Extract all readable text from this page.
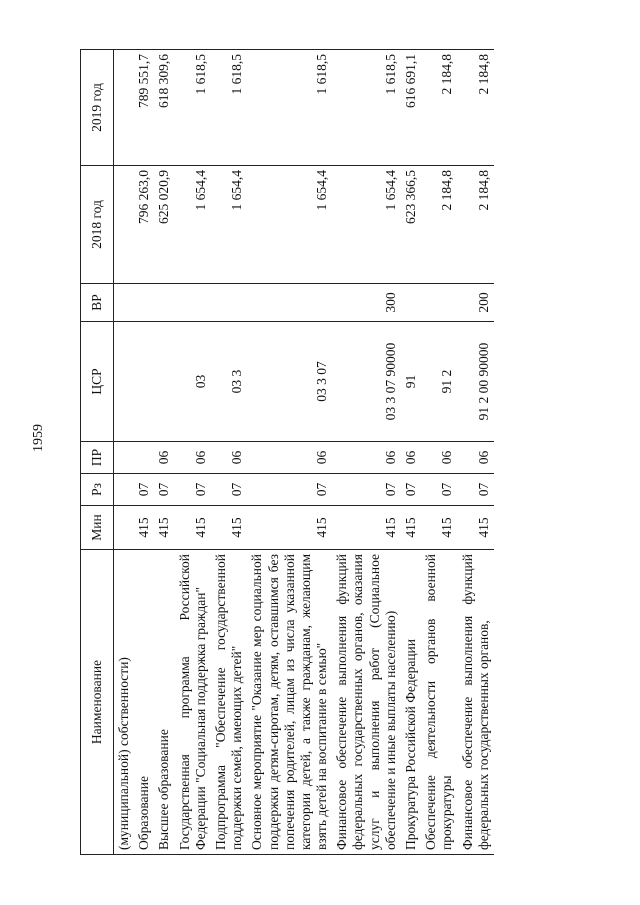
1959
Наименование	Мин	Рз	ПР	ЦСР	ВР	2018 год	2019 год
(муниципальной) собственности)							
Образование	415	07				796 263,0	789 551,7
Высшее образование	415	07	06			625 020,9	618 309,6
Государственная программа Российской Федерации "Социальная поддержка граждан"	415	07	06	03		1 654,4	1 618,5
Подпрограмма "Обеспечение государственной поддержки семей, имеющих детей"	415	07	06	03 3		1 654,4	1 618,5
Основное мероприятие "Оказание мер социальной поддержки детям-сиротам, детям, оставшимся без попечения родителей, лицам из числа указанной категории детей, а также гражданам, желающим взять детей на воспитание в семью"	415	07	06	03 3 07		1 654,4	1 618,5
Финансовое обеспечение выполнения функций федеральных государственных органов, оказания услуг и выполнения работ (Социальное обеспечение и иные выплаты населению)	415	07	06	03 3 07 90000	300	1 654,4	1 618,5
Прокуратура Российской Федерации	415	07	06	91		623 366,5	616 691,1
Обеспечение деятельности органов военной прокуратуры	415	07	06	91 2		2 184,8	2 184,8
Финансовое обеспечение выполнения функций федеральных государственных органов,	415	07	06	91 2 00 90000	200	2 184,8	2 184,8
